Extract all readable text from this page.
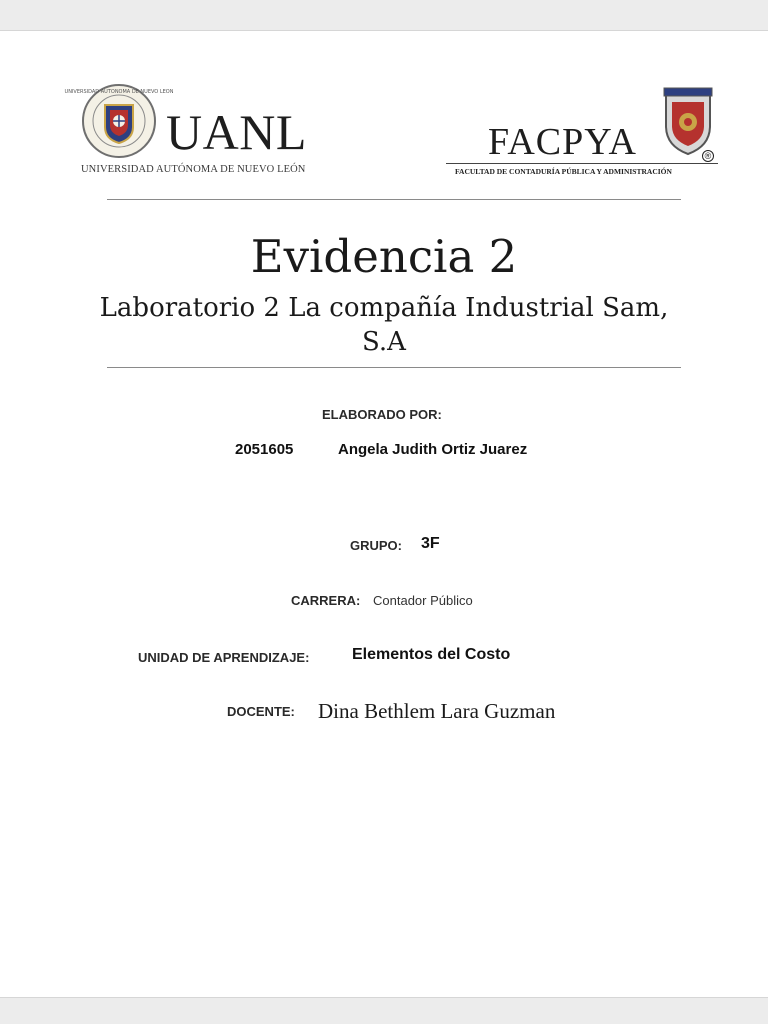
UNIVERSIDAD AUTONOMA DE NUEVO LEON
UANL
UNIVERSIDAD AUTÓNOMA DE NUEVO LEÓN
FACPYA	®
FACULTAD DE CONTADURÍA PÚBLICA Y ADMINISTRACIÓN
Evidencia 2
Laboratorio 2 La compañía Industrial Sam, S.A
ELABORADO POR:
2051605	Angela Judith Ortiz Juarez
GRUPO: 3F
CARRERA: Contador Público
UNIDAD DE APRENDIZAJE:	Elementos del Costo
DOCENTE: Dina Bethlem Lara Guzman
